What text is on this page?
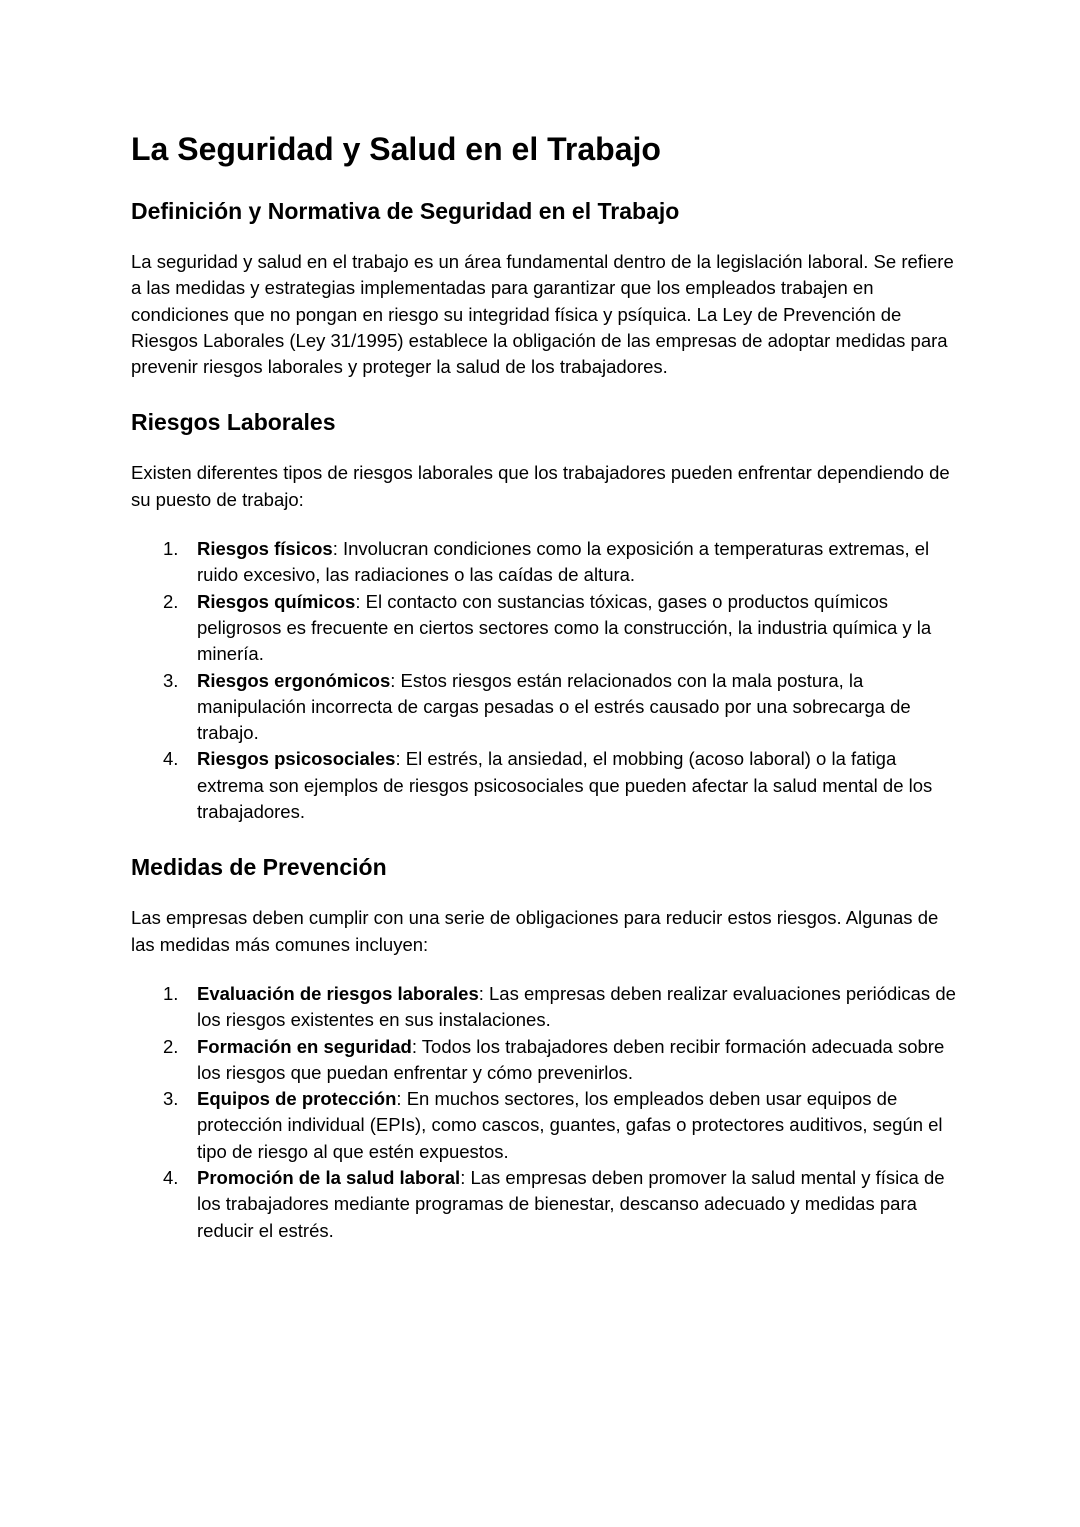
La Seguridad y Salud en el Trabajo
Definición y Normativa de Seguridad en el Trabajo

La seguridad y salud en el trabajo es un área fundamental dentro de la legislación laboral. Se refiere a las medidas y estrategias implementadas para garantizar que los empleados trabajen en condiciones que no pongan en riesgo su integridad física y psíquica. La Ley de Prevención de Riesgos Laborales (Ley 31/1995) establece la obligación de las empresas de adoptar medidas para prevenir riesgos laborales y proteger la salud de los trabajadores.

Riesgos Laborales

Existen diferentes tipos de riesgos laborales que los trabajadores pueden enfrentar dependiendo de su puesto de trabajo:

1. Riesgos físicos: Involucran condiciones como la exposición a temperaturas extremas, el ruido excesivo, las radiaciones o las caídas de altura.
2. Riesgos químicos: El contacto con sustancias tóxicas, gases o productos químicos peligrosos es frecuente en ciertos sectores como la construcción, la industria química y la minería.
3. Riesgos ergonómicos: Estos riesgos están relacionados con la mala postura, la manipulación incorrecta de cargas pesadas o el estrés causado por una sobrecarga de trabajo.
4. Riesgos psicosociales: El estrés, la ansiedad, el mobbing (acoso laboral) o la fatiga extrema son ejemplos de riesgos psicosociales que pueden afectar la salud mental de los trabajadores.
Medidas de Prevención

Las empresas deben cumplir con una serie de obligaciones para reducir estos riesgos. Algunas de las medidas más comunes incluyen:

1. Evaluación de riesgos laborales: Las empresas deben realizar evaluaciones periódicas de los riesgos existentes en sus instalaciones.
2. Formación en seguridad: Todos los trabajadores deben recibir formación adecuada sobre los riesgos que puedan enfrentar y cómo prevenirlos.
3. Equipos de protección: En muchos sectores, los empleados deben usar equipos de protección individual (EPIs), como cascos, guantes, gafas o protectores auditivos, según el tipo de riesgo al que estén expuestos.
4. Promoción de la salud laboral: Las empresas deben promover la salud mental y física de los trabajadores mediante programas de bienestar, descanso adecuado y medidas para reducir el estrés.
